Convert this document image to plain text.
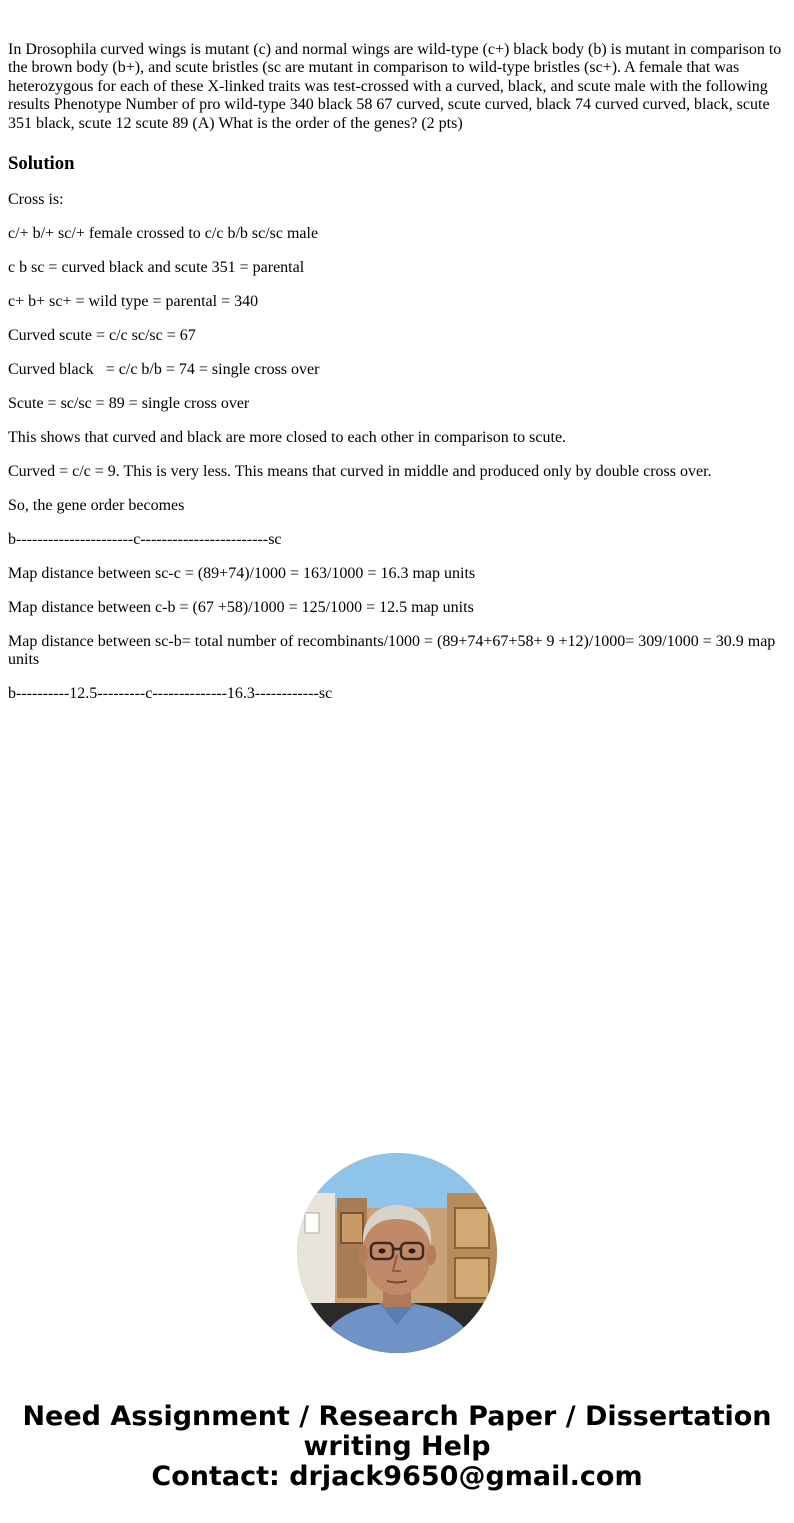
In Drosophila curved wings is mutant (c) and normal wings are wild-type (c+) black body (b) is mutant in comparison to the brown body (b+), and scute bristles (sc are mutant in comparison to wild-type bristles (sc+). A female that was heterozygous for each of these X-linked traits was test-crossed with a curved, black, and scute male with the following results Phenotype Number of pro wild-type 340 black 58 67 curved, scute curved, black 74 curved curved, black, scute 351 black, scute 12 scute 89 (A) What is the order of the genes? (2 pts)

Solution

Cross is:

c/+ b/+ sc/+ female crossed to c/c b/b sc/sc male

c b sc = curved black and scute 351 = parental

c+ b+ sc+ = wild type = parental = 340

Curved scute = c/c sc/sc = 67

Curved black   = c/c b/b = 74 = single cross over

Scute = sc/sc = 89 = single cross over

This shows that curved and black are more closed to each other in comparison to scute.

Curved = c/c = 9. This is very less. This means that curved in middle and produced only by double cross over.

So, the gene order becomes

b----------------------c------------------------sc

Map distance between sc-c = (89+74)/1000 = 163/1000 = 16.3 map units

Map distance between c-b = (67 +58)/1000 = 125/1000 = 12.5 map units

Map distance between sc-b= total number of recombinants/1000 = (89+74+67+58+ 9 +12)/1000= 309/1000 = 30.9 map units

b----------12.5---------c--------------16.3------------sc

Need Assignment / Research Paper / Dissertation
writing Help
Contact: drjack9650@gmail.com
